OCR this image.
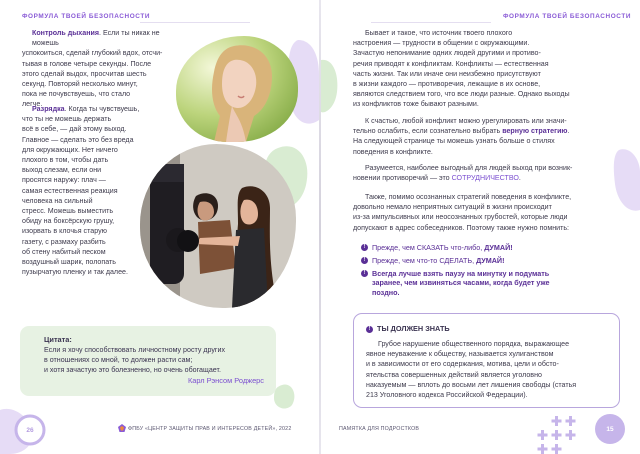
ФОРМУЛА ТВОЕЙ БЕЗОПАСНОСТИ
Контроль дыхания. Если ты никак не можешь
успокоиться, сделай глубокий вдох, отсчи-
тывая в голове четыре секунды. После
этого сделай выдох, просчитав шесть
секунд. Повторяй несколько минут,
пока не почувствуешь, что стало
легче.
Разрядка. Когда ты чувствуешь,
что ты не можешь держать
всё в себе, — дай этому выход.
Главное — сделать это без вреда
для окружающих. Нет ничего
плохого в том, чтобы дать
выход слезам, если они
просятся наружу: плач —
самая естественная реакция
человека на сильный
стресс. Можешь выместить
обиду на боксёрскую грушу,
изорвать в клочья старую
газету, с размаху разбить
об стену набитый песком
воздушный шарик, полопать
пузырчатую пленку и так далее.
Цитата:
Если я хочу способствовать личностному росту других
в отношениях со мной, то должен расти сам;
и хотя зачастую это болезненно, но очень обогащает.
Карл Рэнсом Роджерс
26	ФПБУ «ЦЕНТР ЗАЩИТЫ ПРАВ И ИНТЕРЕСОВ ДЕТЕЙ», 2022
ФОРМУЛА ТВОЕЙ БЕЗОПАСНОСТИ
Бывает и такое, что источник твоего плохого
настроения — трудности в общении с окружающими.
Зачастую непонимание одних людей другими и противо-
речия приводят к конфликтам. Конфликты — естественная
часть жизни. Так или иначе они неизбежно присутствуют
в жизни каждого — противоречия, лежащие в их основе,
являются следствием того, что все люди разные. Однако выходы
из конфликтов тоже бывают разными.
К счастью, любой конфликт можно урегулировать или значи-
тельно ослабить, если сознательно выбрать верную стратегию.
На следующей странице ты можешь узнать больше о стилях
поведения в конфликте.
Разумеется, наиболее выгодный для людей выход при возник-
новении противоречий — это СОТРУДНИЧЕСТВО.
Также, помимо осознанных стратегий поведения в конфликте,
довольно немало неприятных ситуаций в жизни происходит
из-за импульсивных или неосознанных грубостей, которые люди
допускают в адрес собеседников. Поэтому также нужно помнить:
! Прежде, чем СКАЗАТЬ что-либо, ДУМАЙ!
! Прежде, чем что-то СДЕЛАТЬ, ДУМАЙ!
! Всегда лучше взять паузу на минутку и подумать
заранее, чем извиняться часами, когда будет уже
поздно.
! ТЫ ДОЛЖЕН ЗНАТЬ
Грубое нарушение общественного порядка, выражающее
явное неуважение к обществу, называется хулиганством
и в зависимости от его содержания, мотива, цели и обсто-
ятельства совершенных действий является уголовно
наказуемым — вплоть до восьми лет лишения свободы (статья
213 Уголовного кодекса Российской Федерации).
ПАМЯТКА ДЛЯ ПОДРОСТКОВ	15
